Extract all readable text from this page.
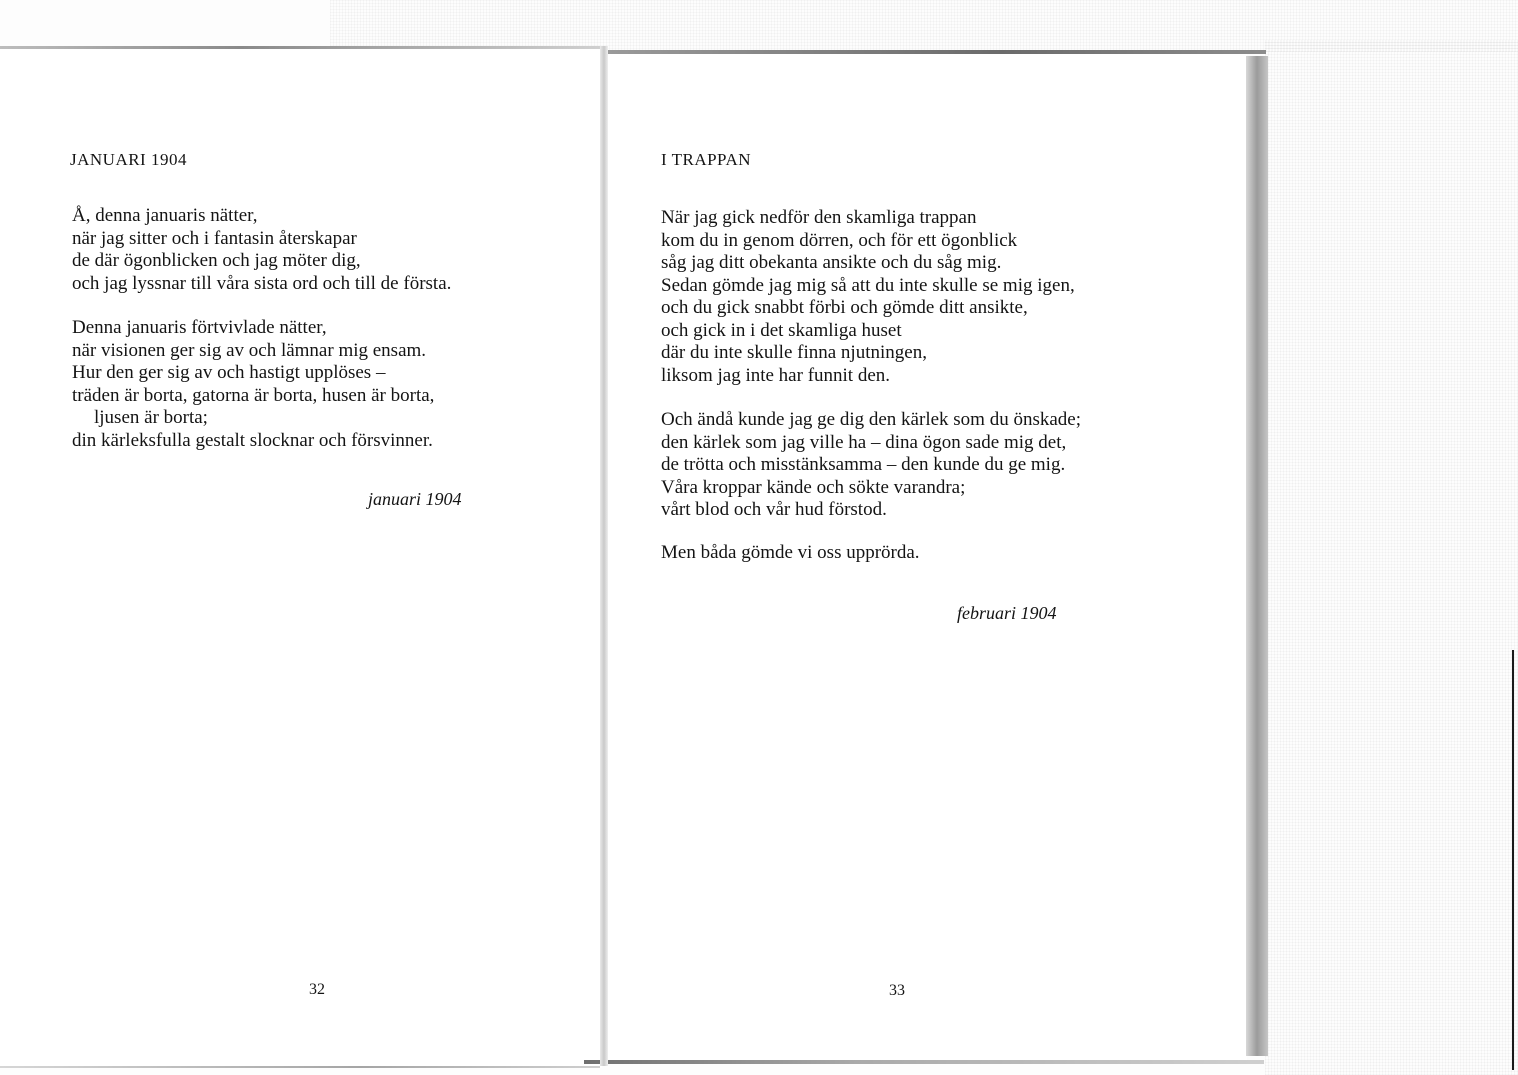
JANUARI 1904
Å, denna januaris nätter,
när jag sitter och i fantasin återskapar
de där ögonblicken och jag möter dig,
och jag lyssnar till våra sista ord och till de första.
Denna januaris förtvivlade nätter,
när visionen ger sig av och lämnar mig ensam.
Hur den ger sig av och hastigt upplöses –
träden är borta, gatorna är borta, husen är borta,
ljusen är borta;
din kärleksfulla gestalt slocknar och försvinner.
januari 1904
32
I TRAPPAN
När jag gick nedför den skamliga trappan
kom du in genom dörren, och för ett ögonblick
såg jag ditt obekanta ansikte och du såg mig.
Sedan gömde jag mig så att du inte skulle se mig igen,
och du gick snabbt förbi och gömde ditt ansikte,
och gick in i det skamliga huset
där du inte skulle finna njutningen,
liksom jag inte har funnit den.
Och ändå kunde jag ge dig den kärlek som du önskade;
den kärlek som jag ville ha – dina ögon sade mig det,
de trötta och misstänksamma – den kunde du ge mig.
Våra kroppar kände och sökte varandra;
vårt blod och vår hud förstod.
Men båda gömde vi oss upprörda.
februari 1904
33
